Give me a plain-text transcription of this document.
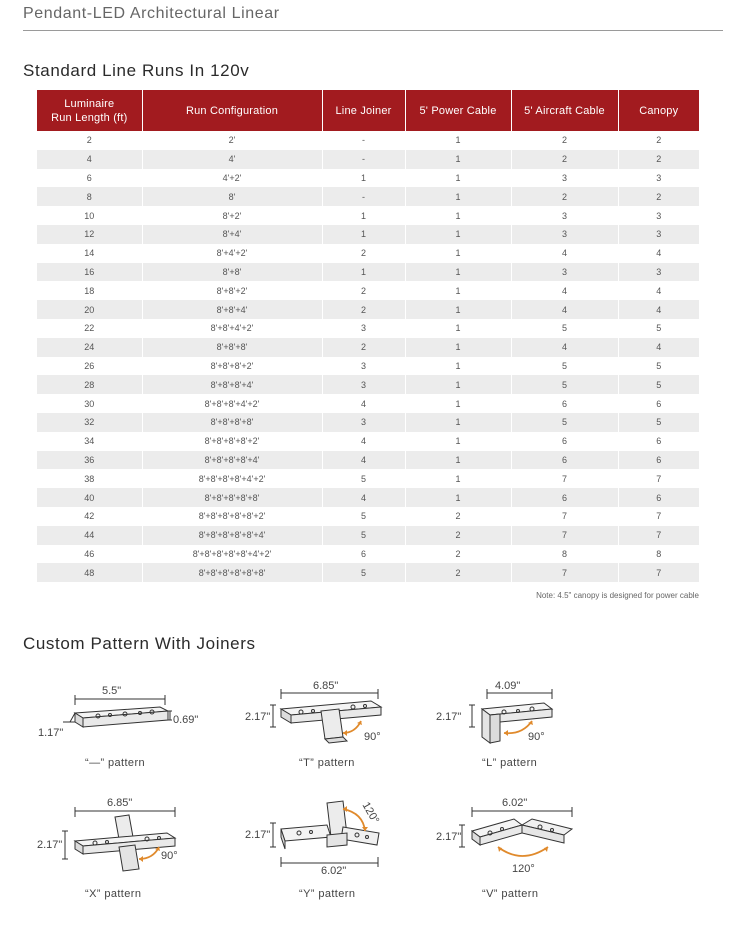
Pendant-LED Architectural Linear
Standard Line Runs In 120v
Luminaire
Run Length (ft)	Run Configuration	Line Joiner	5' Power Cable	5' Aircraft Cable	Canopy
2	2'	-	1	2	2
4	4'	-	1	2	2
6	4'+2'	1	1	3	3
8	8'	-	1	2	2
10	8'+2'	1	1	3	3
12	8'+4'	1	1	3	3
14	8'+4'+2'	2	1	4	4
16	8'+8'	1	1	3	3
18	8'+8'+2'	2	1	4	4
20	8'+8'+4'	2	1	4	4
22	8'+8'+4'+2'	3	1	5	5
24	8'+8'+8'	2	1	4	4
26	8'+8'+8'+2'	3	1	5	5
28	8'+8'+8'+4'	3	1	5	5
30	8'+8'+8'+4'+2'	4	1	6	6
32	8'+8'+8'+8'	3	1	5	5
34	8'+8'+8'+8'+2'	4	1	6	6
36	8'+8'+8'+8'+4'	4	1	6	6
38	8'+8'+8'+8'+4'+2'	5	1	7	7
40	8'+8'+8'+8'+8'	4	1	6	6
42	8'+8'+8'+8'+8'+2'	5	2	7	7
44	8'+8'+8'+8'+8'+4'	5	2	7	7
46	8'+8'+8'+8'+8'+4'+2'	6	2	8	8
48	8'+8'+8'+8'+8'+8'	5	2	7	7
Note: 4.5" canopy is designed for power cable
Custom Pattern With Joiners
5.5"
0.69"
1.17"
“—” pattern
6.85"
2.17"
90°
“T” pattern
4.09"
2.17"
90°
“L” pattern
6.85"
2.17"
90°
“X” pattern
6.02"
2.17"
120°
“Y” pattern
6.02"
2.17"
120°
“V” pattern
